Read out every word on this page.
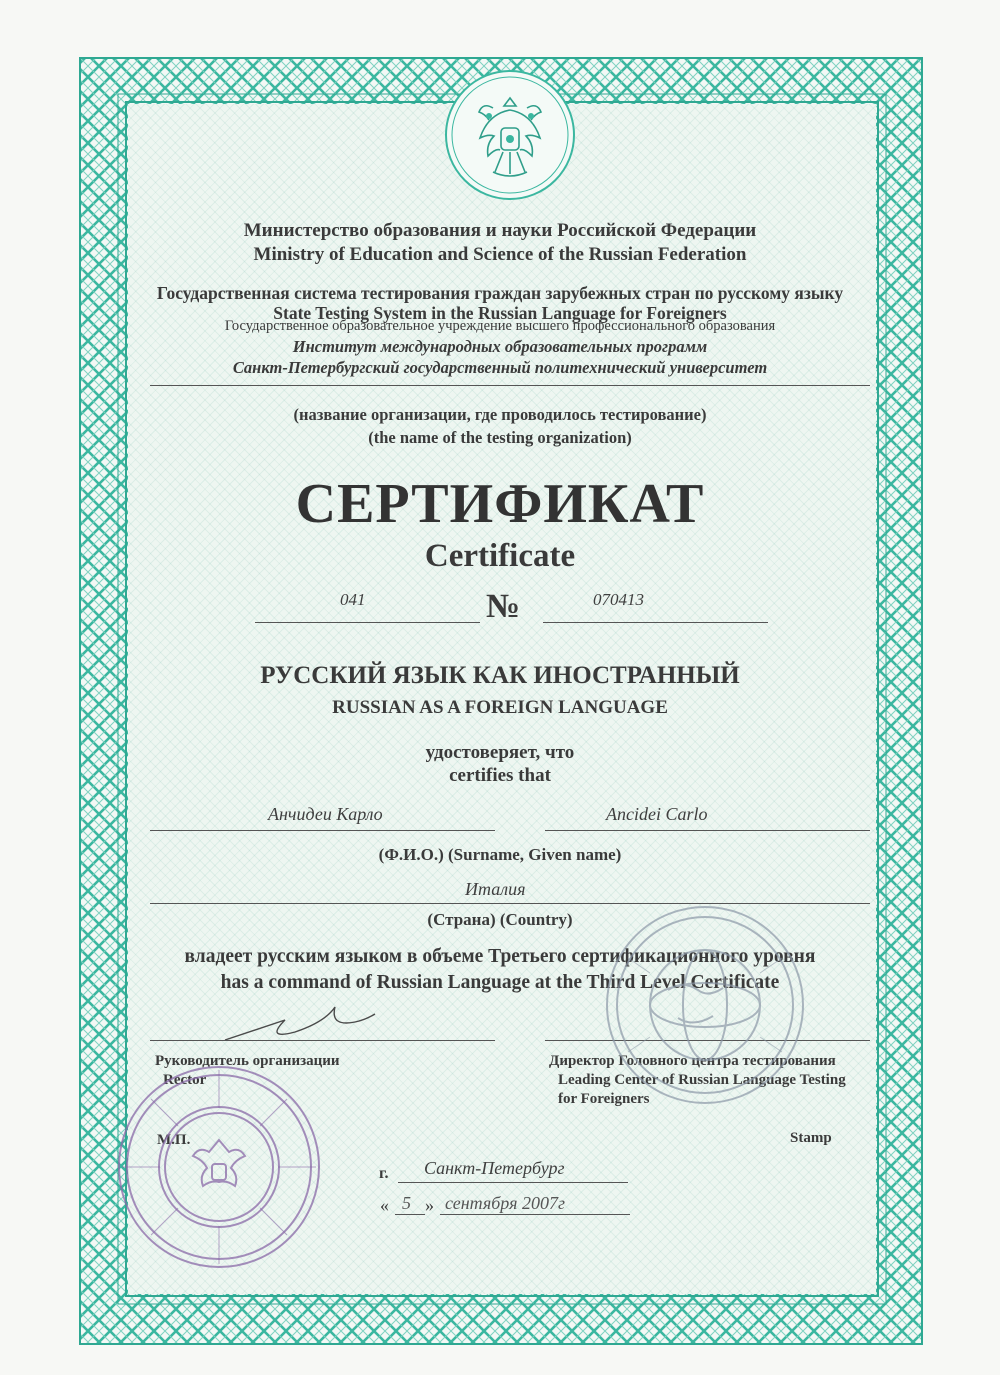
Министерство образования и науки Российской Федерации
Ministry of Education and Science of the Russian Federation
Государственная система тестирования граждан зарубежных стран по русскому языку
State Testing System in the Russian Language for Foreigners
Государственное образовательное учреждение высшего профессионального образования
Институт международных образовательных программ
Санкт-Петербургский государственный политехнический университет
(название организации, где проводилось тестирование)
(the name of the testing organization)
СЕРТИФИКАТ
Certificate
041	№	070413
РУССКИЙ ЯЗЫК КАК ИНОСТРАННЫЙ
RUSSIAN AS A FOREIGN LANGUAGE
удостоверяет, что
certifies that
Анчидеи Карло	Ancidei Carlo
(Ф.И.О.) (Surname, Given name)
Италия
(Страна) (Country)
владеет русским языком в объеме Третьего сертификационного уровня
has a command of Russian Language at the Third Level Certificate
Руководитель организации
Rector
Директор Головного центра тестирования
Leading Center of Russian Language Testing
for Foreigners
М.П.	Stamp
г. Санкт-Петербург
« 5 » сентября 2007г
